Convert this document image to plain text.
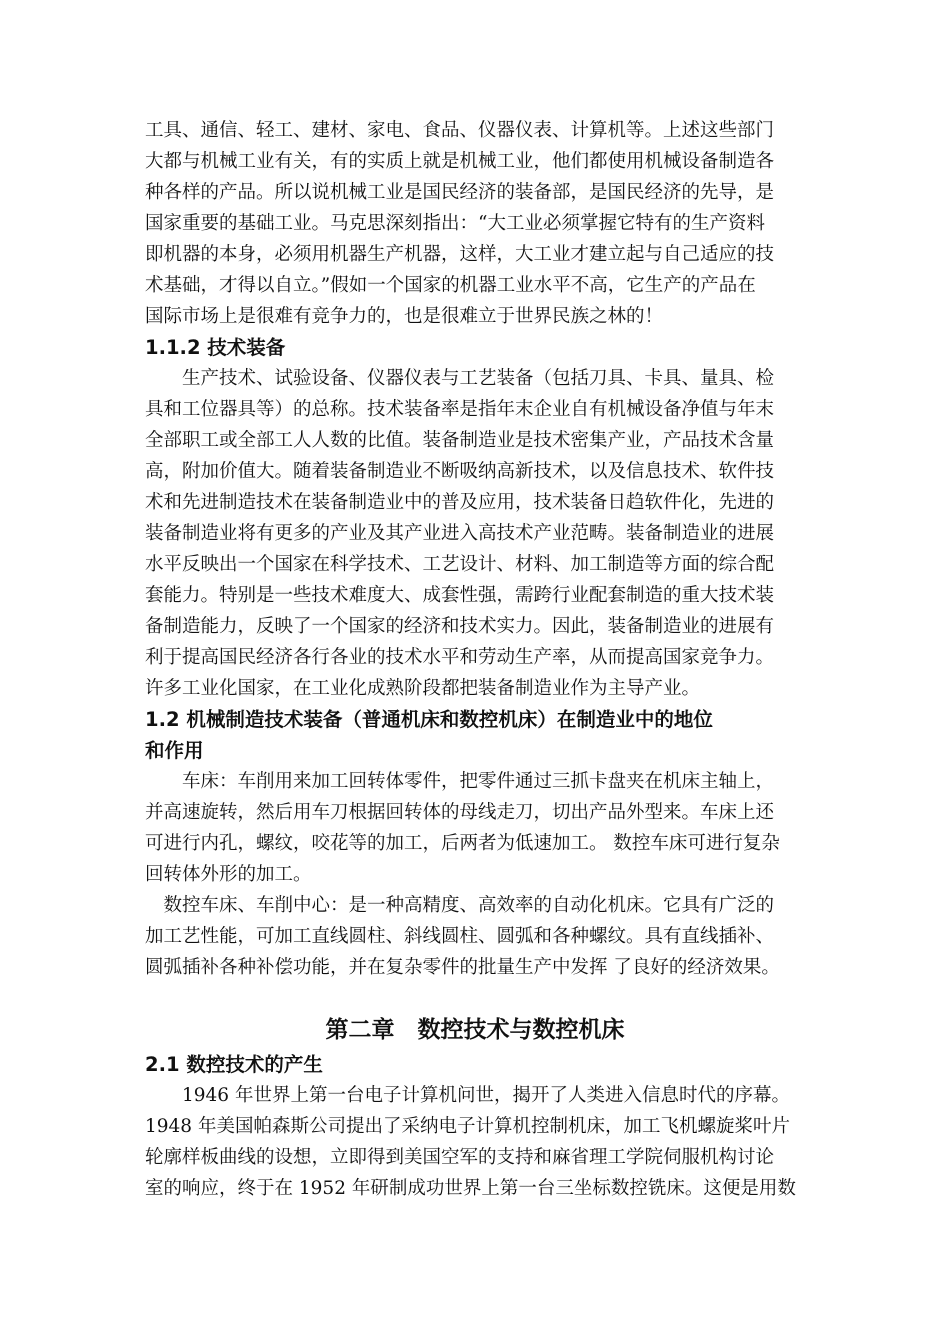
工具、通信、轻工、建材、家电、食品、仪器仪表、计算机等。上述这些部门
大都与机械工业有关，有的实质上就是机械工业，他们都使用机械设备制造各
种各样的产品。所以说机械工业是国民经济的装备部，是国民经济的先导，是
国家重要的基础工业。马克思深刻指出：“大工业必须掌握它特有的生产资料
即机器的本身，必须用机器生产机器，这样，大工业才建立起与自己适应的技
术基础，才得以自立。”假如一个国家的机器工业水平不高，它生产的产品在
国际市场上是很难有竞争力的，也是很难立于世界民族之林的！
1.1.2 技术装备
　　生产技术、试验设备、仪器仪表与工艺装备（包括刀具、卡具、量具、检
具和工位器具等）的总称。技术装备率是指年末企业自有机械设备净值与年末
全部职工或全部工人人数的比值。装备制造业是技术密集产业，产品技术含量
高，附加价值大。随着装备制造业不断吸纳高新技术，以及信息技术、软件技
术和先进制造技术在装备制造业中的普及应用，技术装备日趋软件化，先进的
装备制造业将有更多的产业及其产业进入高技术产业范畴。装备制造业的进展
水平反映出一个国家在科学技术、工艺设计、材料、加工制造等方面的综合配
套能力。特别是一些技术难度大、成套性强，需跨行业配套制造的重大技术装
备制造能力，反映了一个国家的经济和技术实力。因此，装备制造业的进展有
利于提高国民经济各行各业的技术水平和劳动生产率，从而提高国家竞争力。
许多工业化国家，在工业化成熟阶段都把装备制造业作为主导产业。
1.2 机械制造技术装备（普通机床和数控机床）在制造业中的地位
和作用
　　车床：车削用来加工回转体零件，把零件通过三抓卡盘夹在机床主轴上，
并高速旋转，然后用车刀根据回转体的母线走刀，切出产品外型来。车床上还
可进行内孔，螺纹，咬花等的加工，后两者为低速加工。 数控车床可进行复杂
回转体外形的加工。
　数控车床、车削中心：是一种高精度、高效率的自动化机床。它具有广泛的
加工艺性能，可加工直线圆柱、斜线圆柱、圆弧和各种螺纹。具有直线插补、
圆弧插补各种补偿功能，并在复杂零件的批量生产中发挥 了良好的经济效果。
第二章　数控技术与数控机床
2.1 数控技术的产生
　　1946 年世界上第一台电子计算机问世，揭开了人类进入信息时代的序幕。
1948 年美国帕森斯公司提出了采纳电子计算机控制机床，加工飞机螺旋桨叶片
轮廓样板曲线的设想，立即得到美国空军的支持和麻省理工学院伺服机构讨论
室的响应，终于在 1952 年研制成功世界上第一台三坐标数控铣床。这便是用数
